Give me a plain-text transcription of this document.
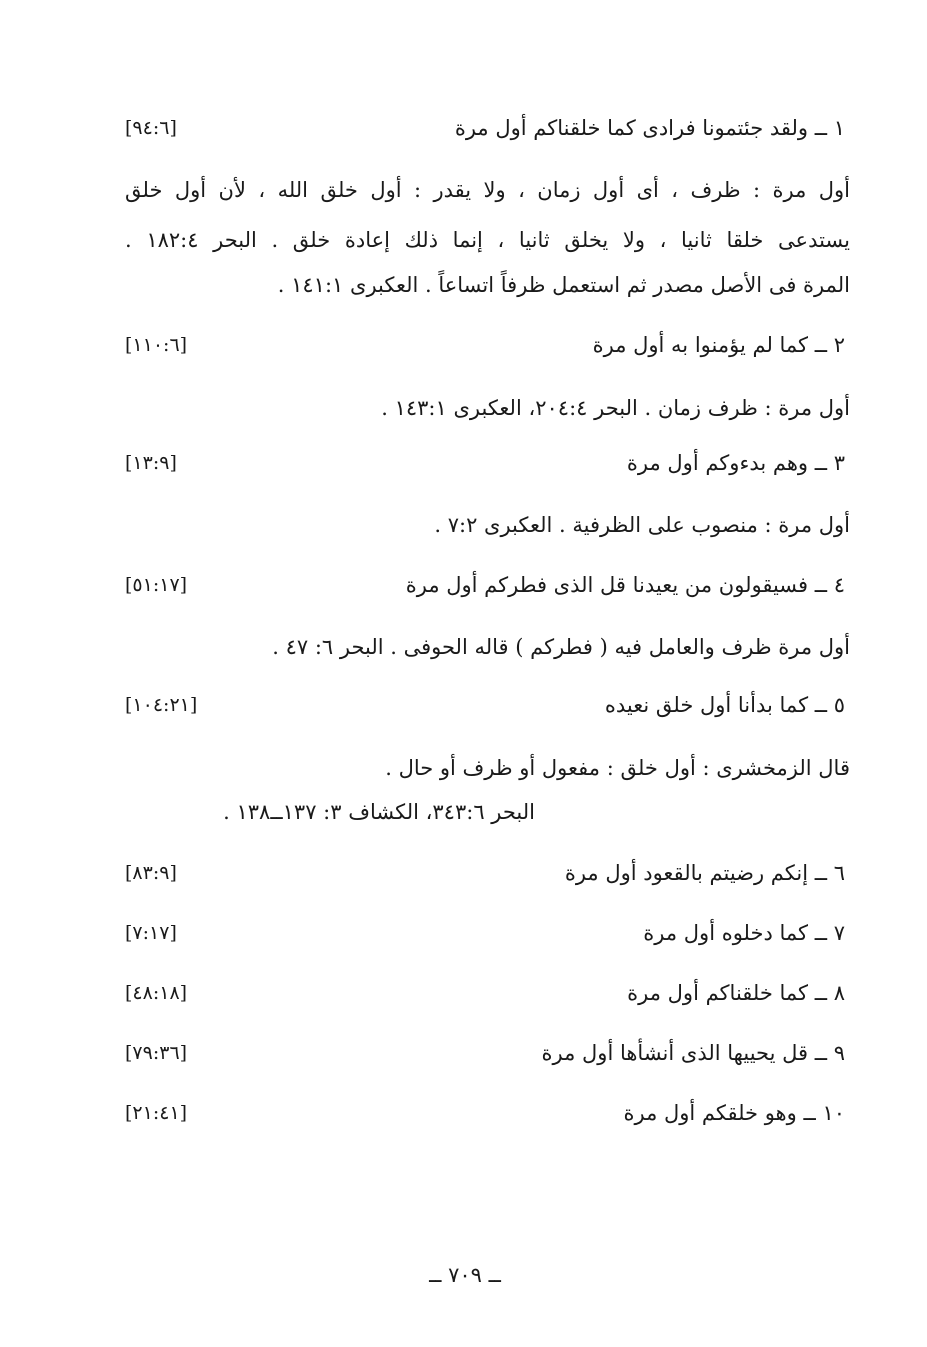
١ ــ ولقد جئتمونا فرادى كما خلقناكم أول مرة
[٩٤:٦]
أول مرة : ظرف ، أى أول زمان ، ولا يقدر : أول خلق الله ، لأن أول خلق
يستدعى خلقا ثانيا ، ولا يخلق ثانيا ، إنما ذلك إعادة خلق . البحر ١٨٢:٤ .
المرة فى الأصل مصدر ثم استعمل ظرفاً اتساعاً . العكبرى ١٤١:١ .
٢ ــ كما لم يؤمنوا به أول مرة
[١١٠:٦]
أول مرة : ظرف زمان . البحر ٢٠٤:٤، العكبرى ١٤٣:١ .
٣ ــ وهم بدءوكم أول مرة
[١٣:٩]
أول مرة : منصوب على الظرفية . العكبرى ٧:٢ .
٤ ــ فسيقولون من يعيدنا قل الذى فطركم أول مرة
[٥١:١٧]
أول مرة ظرف والعامل فيه ( فطركم ) قاله الحوفى . البحر ٦: ٤٧ .
٥ ــ كما بدأنا أول خلق نعيده
[١٠٤:٢١]
قال الزمخشرى : أول خلق : مفعول أو ظرف أو حال .
البحر ٣٤٣:٦، الكشاف ٣: ١٣٧ــ١٣٨ .
٦ ــ إنكم رضيتم بالقعود أول مرة
[٨٣:٩]
٧ ــ كما دخلوه أول مرة
[٧:١٧]
٨ ــ كما خلقناكم أول مرة
[٤٨:١٨]
٩ ــ قل يحييها الذى أنشأها أول مرة
[٧٩:٣٦]
١٠ ــ وهو خلقكم أول مرة
[٢١:٤١]
ــ ٧٠٩ ــ
